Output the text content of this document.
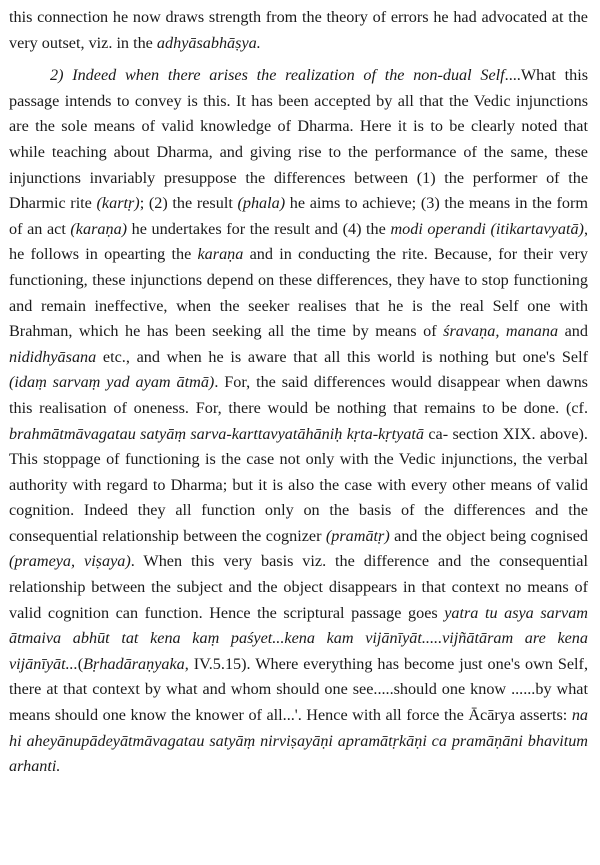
this connection he now draws strength from the theory of errors he had advocated at the very outset, viz. in the adhyāsabhāṣya.

2) Indeed when there arises the realization of the non-dual Self....What this passage intends to convey is this. It has been accepted by all that the Vedic injunctions are the sole means of valid knowledge of Dharma. Here it is to be clearly noted that while teaching about Dharma, and giving rise to the performance of the same, these injunctions invariably presuppose the differences between (1) the performer of the Dharmic rite (kartṛ); (2) the result (phala) he aims to achieve; (3) the means in the form of an act (karaṇa) he undertakes for the result and (4) the modi operandi (itikartavyatā), he follows in opearting the karaṇa and in conducting the rite. Because, for their very functioning, these injunctions depend on these differences, they have to stop functioning and remain ineffective, when the seeker realises that he is the real Self one with Brahman, which he has been seeking all the time by means of śravaṇa, manana and nididhyāsana etc., and when he is aware that all this world is nothing but one's Self (idaṃ sarvaṃ yad ayam ātmā). For, the said differences would disappear when dawns this realisation of oneness. For, there would be nothing that remains to be done. (cf. brahmātmāvagatau satyāṃ sarva-karttavyatāhāniḥ kṛta-kṛtyatā ca- section XIX. above). This stoppage of functioning is the case not only with the Vedic injunctions, the verbal authority with regard to Dharma; but it is also the case with every other means of valid cognition. Indeed they all function only on the basis of the differences and the consequential relationship between the cognizer (pramātṛ) and the object being cognised (prameya, viṣaya). When this very basis viz. the difference and the consequential relationship between the subject and the object disappears in that context no means of valid cognition can function. Hence the scriptural passage goes yatra tu asya sarvam ātmaiva abhūt tat kena kaṃ paśyet...kena kam vijānīyāt.....vijñātāram are kena vijānīyāt...(Bṛhadāraṇyaka, IV.5.15). Where everything has become just one's own Self, there at that context by what and whom should one see.....should one know ......by what means should one know the knower of all...'. Hence with all force the Ācārya asserts: na hi aheyānupādeyātmāvagatau satyāṃ nirviṣayāṇi apramātṛkāṇi ca pramāṇāni bhavitum arhanti.
